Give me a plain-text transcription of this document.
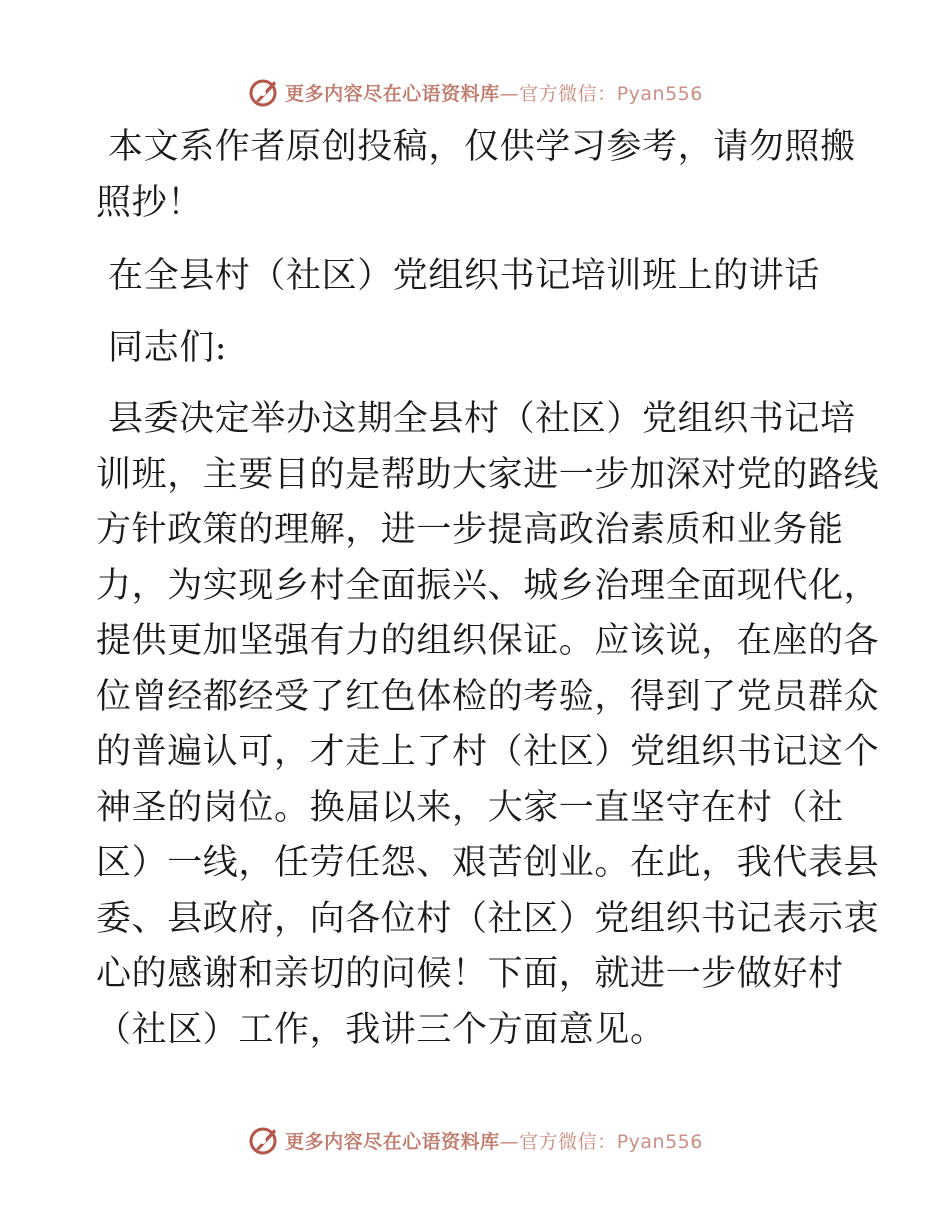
更多内容尽在心语资料库—官方微信：Pyan556
本文系作者原创投稿，仅供学习参考，请勿照搬
照抄！
在全县村（社区）党组织书记培训班上的讲话
同志们:
县委决定举办这期全县村（社区）党组织书记培
训班，主要目的是帮助大家进一步加深对党的路线
方针政策的理解，进一步提高政治素质和业务能
力，为实现乡村全面振兴、城乡治理全面现代化，
提供更加坚强有力的组织保证。应该说，在座的各
位曾经都经受了红色体检的考验，得到了党员群众
的普遍认可，才走上了村（社区）党组织书记这个
神圣的岗位。换届以来，大家一直坚守在村（社
区）一线，任劳任怨、艰苦创业。在此，我代表县
委、县政府，向各位村（社区）党组织书记表示衷
心的感谢和亲切的问候！下面，就进一步做好村
（社区）工作，我讲三个方面意见。
更多内容尽在心语资料库—官方微信：Pyan556
